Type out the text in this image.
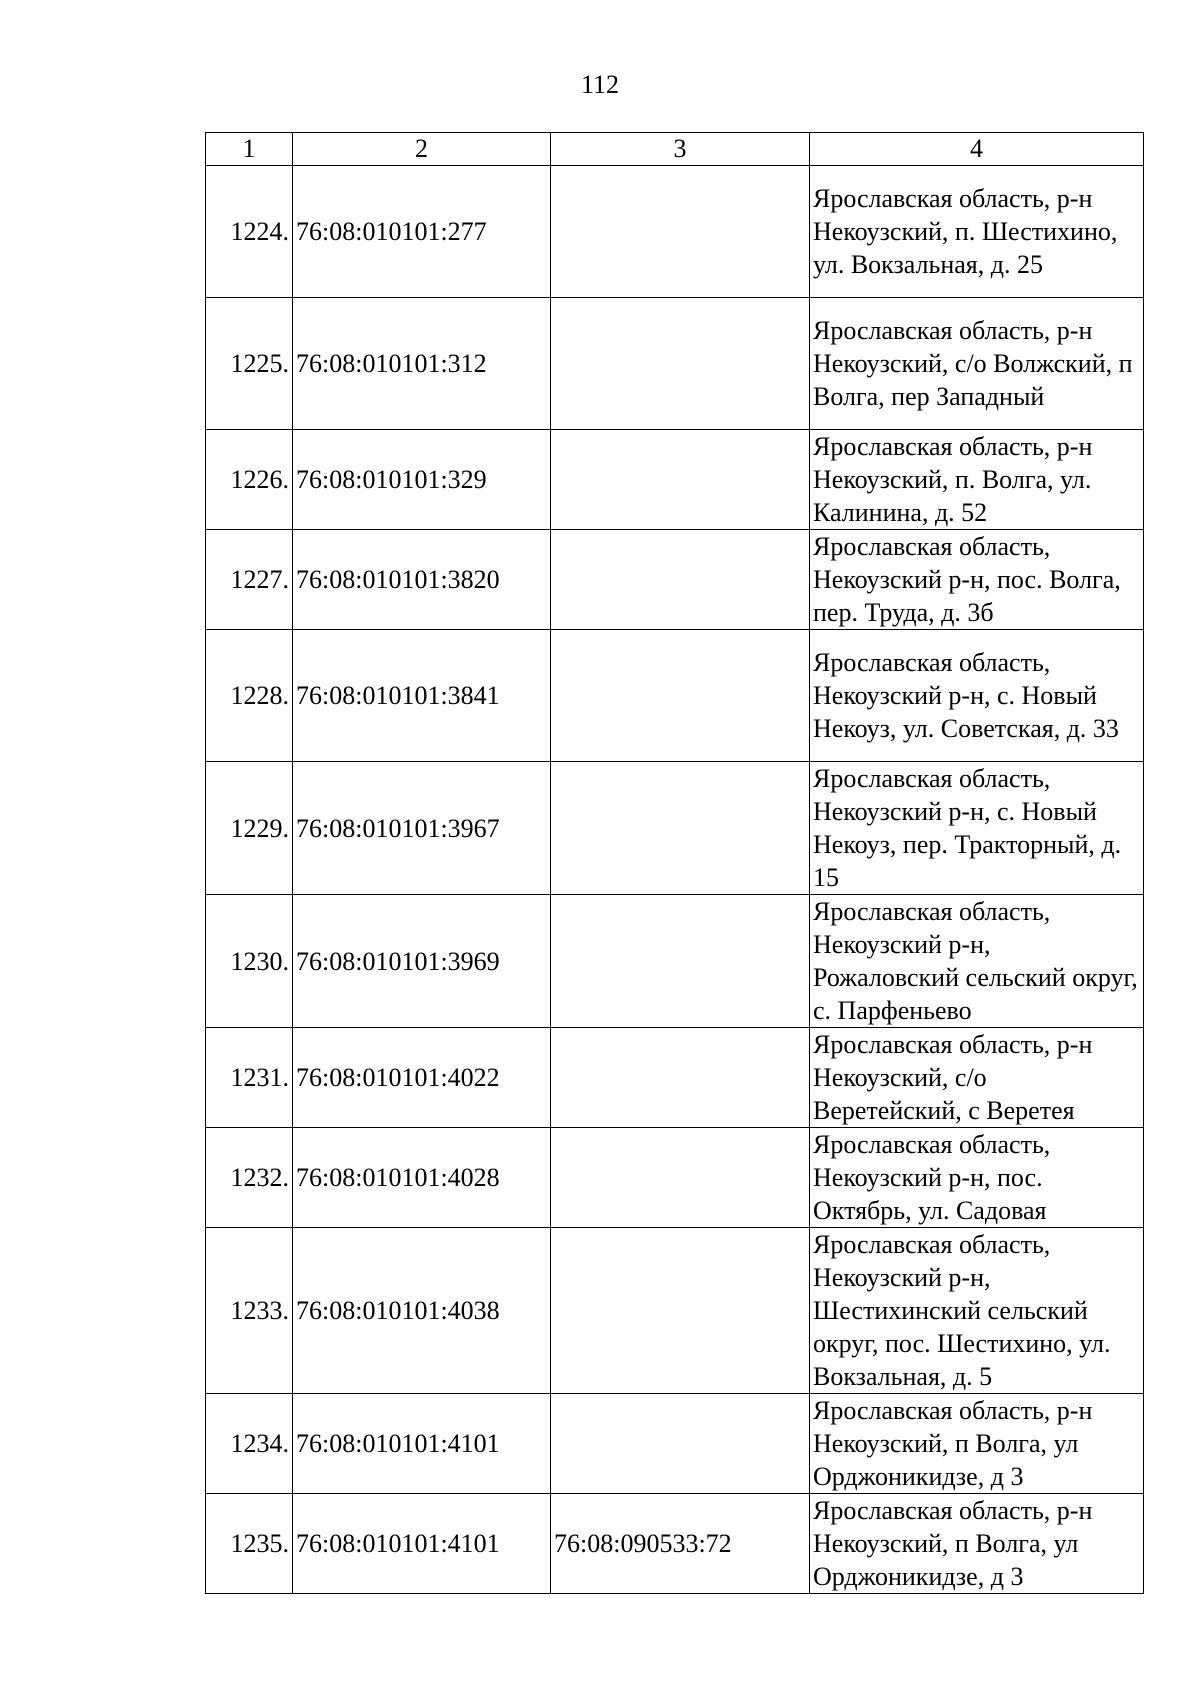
112
1	2	3	4
1224.	76:08:010101:277		Ярославская область, р-н Некоузский, п. Шестихино, ул. Вокзальная, д. 25
1225.	76:08:010101:312		Ярославская область, р-н Некоузский, с/о Волжский, п Волга, пер Западный
1226.	76:08:010101:329		Ярославская область, р-н Некоузский, п. Волга, ул. Калинина, д. 52
1227.	76:08:010101:3820		Ярославская область, Некоузский р-н, пос. Волга, пер. Труда, д. 3б
1228.	76:08:010101:3841		Ярославская область, Некоузский р-н, с. Новый Некоуз, ул. Советская, д. 33
1229.	76:08:010101:3967		Ярославская область, Некоузский р-н, с. Новый Некоуз, пер. Тракторный, д. 15
1230.	76:08:010101:3969		Ярославская область, Некоузский р-н, Рожаловский сельский округ, с. Парфеньево
1231.	76:08:010101:4022		Ярославская область, р-н Некоузский, с/о Веретейский, с Веретея
1232.	76:08:010101:4028		Ярославская область, Некоузский р-н, пос. Октябрь, ул. Садовая
1233.	76:08:010101:4038		Ярославская область, Некоузский р-н, Шестихинский сельский округ, пос. Шестихино, ул. Вокзальная, д. 5
1234.	76:08:010101:4101		Ярославская область, р-н Некоузский, п Волга, ул Орджоникидзе, д 3
1235.	76:08:010101:4101	76:08:090533:72	Ярославская область, р-н Некоузский, п Волга, ул Орджоникидзе, д 3
